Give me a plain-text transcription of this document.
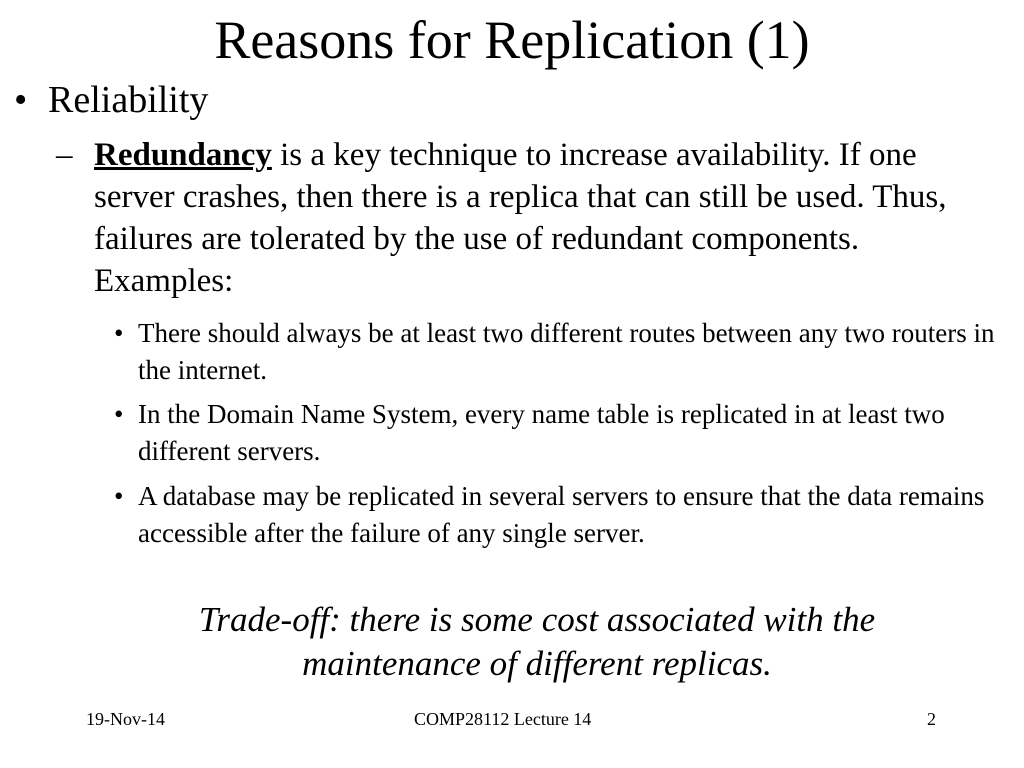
Reasons for Replication (1)
• Reliability
– Redundancy is a key technique to increase availability. If one server crashes, then there is a replica that can still be used. Thus, failures are tolerated by the use of redundant components. Examples:
• There should always be at least two different routes between any two routers in the internet.
• In the Domain Name System, every name table is replicated in at least two different servers.
• A database may be replicated in several servers to ensure that the data remains accessible after the failure of any single server.
Trade-off: there is some cost associated with the maintenance of different replicas.
19-Nov-14	COMP28112 Lecture 14	2
